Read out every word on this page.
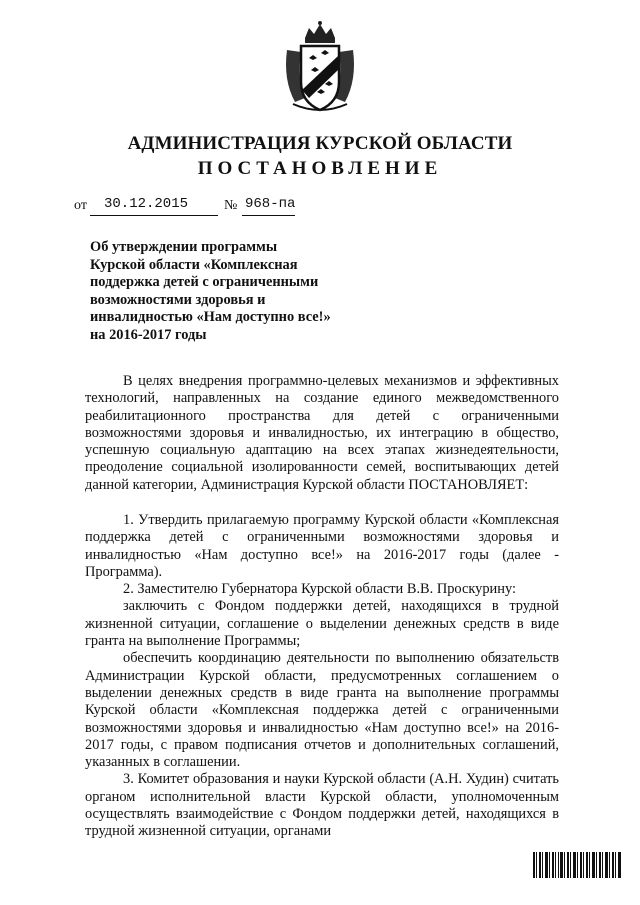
АДМИНИСТРАЦИЯ КУРСКОЙ ОБЛАСТИ
ПОСТАНОВЛЕНИЕ
от 30.12.2015	№ 968-па
Об утверждении программы
Курской области «Комплексная
поддержка детей с ограниченными
возможностями здоровья и
инвалидностью «Нам доступно все!»
на 2016-2017 годы

В целях внедрения программно-целевых механизмов и эффективных технологий, направленных на создание единого межведомственного реабилитационного пространства для детей с ограниченными возможностями здоровья и инвалидностью, их интеграцию в общество, успешную социальную адаптацию на всех этапах жизнедеятельности, преодоление социальной изолированности семей, воспитывающих детей данной категории, Администрация Курской области ПОСТАНОВЛЯЕТ:

1. Утвердить прилагаемую программу Курской области «Комплексная поддержка детей с ограниченными возможностями здоровья и инвалидностью «Нам доступно все!» на 2016-2017 годы (далее - Программа).

2. Заместителю Губернатора Курской области В.В. Проскурину:

заключить с Фондом поддержки детей, находящихся в трудной жизненной ситуации, соглашение о выделении денежных средств в виде гранта на выполнение Программы;

обеспечить координацию деятельности по выполнению обязательств Администрации Курской области, предусмотренных соглашением о выделении денежных средств в виде гранта на выполнение программы Курской области «Комплексная поддержка детей с ограниченными возможностями здоровья и инвалидностью «Нам доступно все!» на 2016-2017 годы, с правом подписания отчетов и дополнительных соглашений, указанных в соглашении.

3. Комитет образования и науки Курской области (А.Н. Худин) считать органом исполнительной власти Курской области, уполномоченным осуществлять взаимодействие с Фондом поддержки детей, находящихся в трудной жизненной ситуации, органами
